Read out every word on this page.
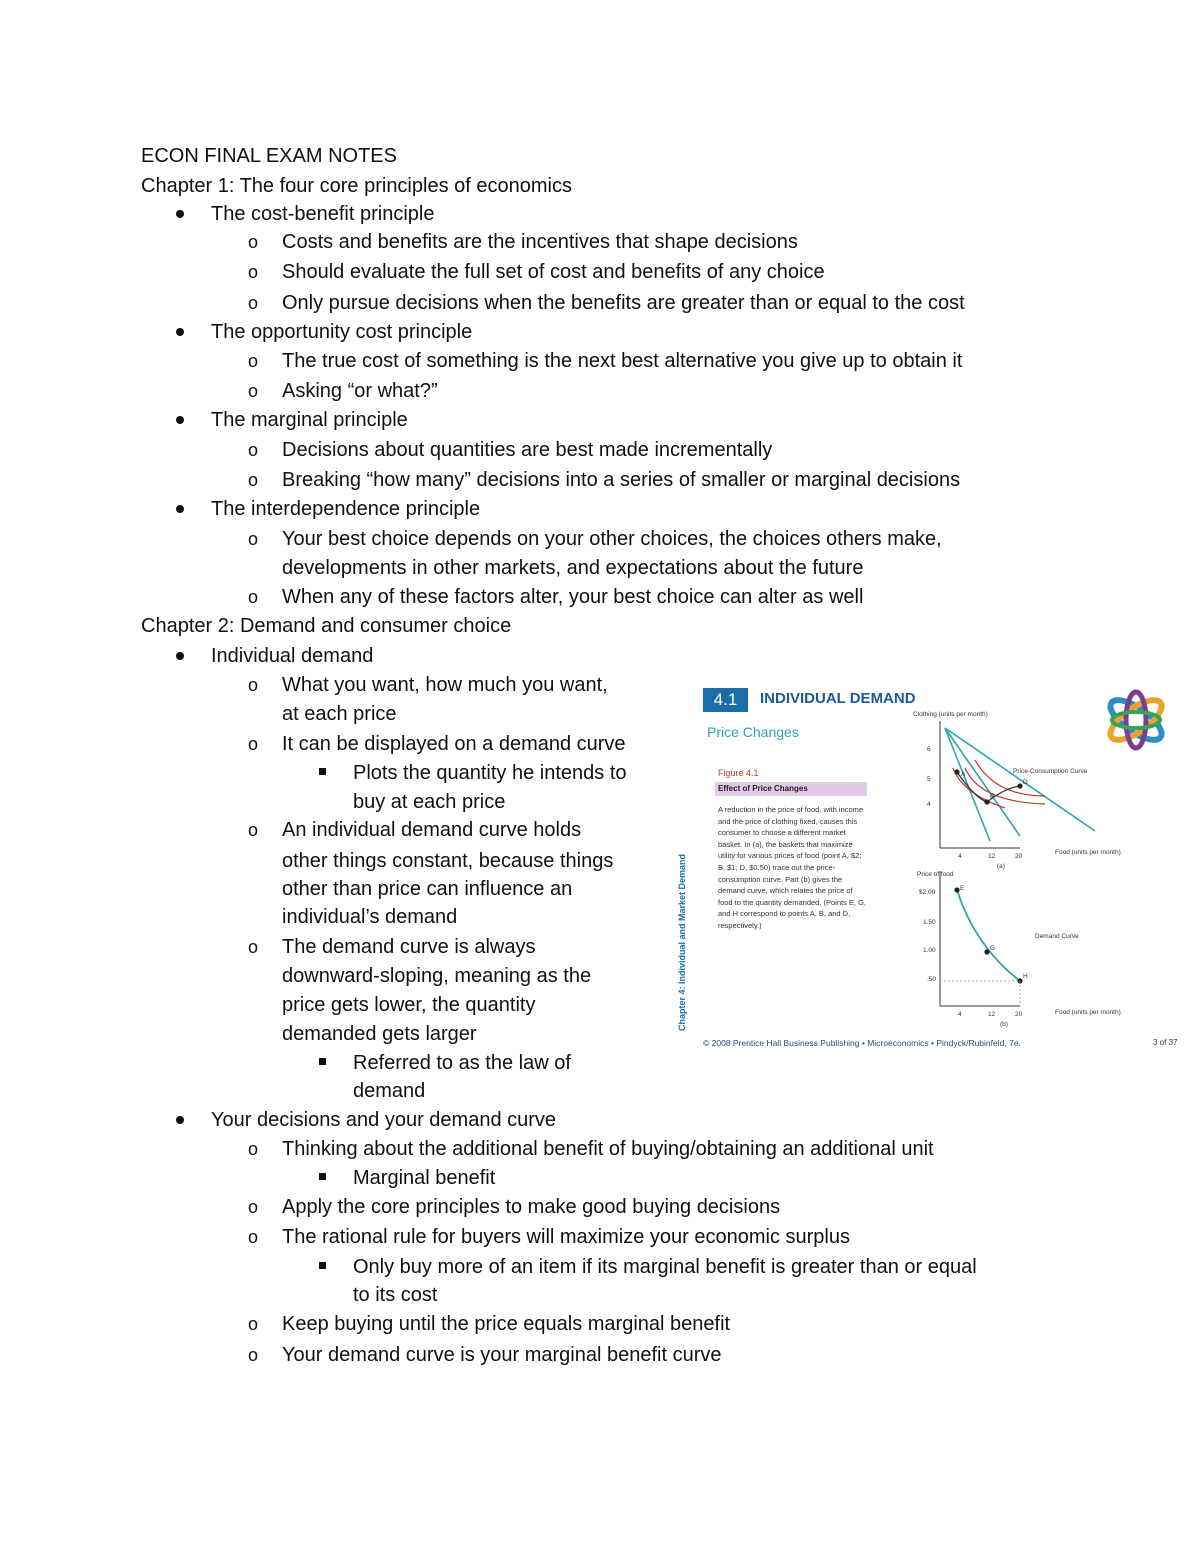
ECON FINAL EXAM NOTES
Chapter 1: The four core principles of economics
The cost-benefit principle
o Costs and benefits are the incentives that shape decisions
o Should evaluate the full set of cost and benefits of any choice
o Only pursue decisions when the benefits are greater than or equal to the cost
The opportunity cost principle
o The true cost of something is the next best alternative you give up to obtain it
o Asking “or what?”
The marginal principle
o Decisions about quantities are best made incrementally
o Breaking “how many” decisions into a series of smaller or marginal decisions
The interdependence principle
o Your best choice depends on your other choices, the choices others make,
developments in other markets, and expectations about the future
o When any of these factors alter, your best choice can alter as well
Chapter 2: Demand and consumer choice
Individual demand
o What you want, how much you want,
at each price
o It can be displayed on a demand curve
Plots the quantity he intends to
buy at each price
o An individual demand curve holds
other things constant, because things
other than price can influence an
individual’s demand
o The demand curve is always
downward-sloping, meaning as the
price gets lower, the quantity
demanded gets larger
Referred to as the law of
demand
Your decisions and your demand curve
o Thinking about the additional benefit of buying/obtaining an additional unit
Marginal benefit
o Apply the core principles to make good buying decisions
o The rational rule for buyers will maximize your economic surplus
Only buy more of an item if its marginal benefit is greater than or equal
to its cost
o Keep buying until the price equals marginal benefit
o Your demand curve is your marginal benefit curve
4.1	INDIVIDUAL DEMAND
Price Changes
Figure 4.1
Effect of Price Changes
A reduction in the price of food, with income and the price of clothing fixed, causes this consumer to choose a different market basket. In (a), the baskets that maximize utility for various prices of food (point A, $2; B, $1; D, $0.50) trace out the price-consumption curve. Part (b) gives the demand curve, which relates the price of food to the quantity demanded. (Points E, G, and H correspond to points A, B, and D, respectively.)
Chapter 4: Individual and Market Demand
© 2008 Prentice Hall Business Publishing • Microeconomics • Pindyck/Rubinfeld, 7e.	3 of 37
Clothing (units per month)
Price-Consumption Curve
Food (units per month)
6
5
4
4	12	20
(a)
A
B
D
Price of food
Demand Curve
Food (units per month)
$2.00
1.50
1.00
.50
4	12	20
(b)
E
G
H
